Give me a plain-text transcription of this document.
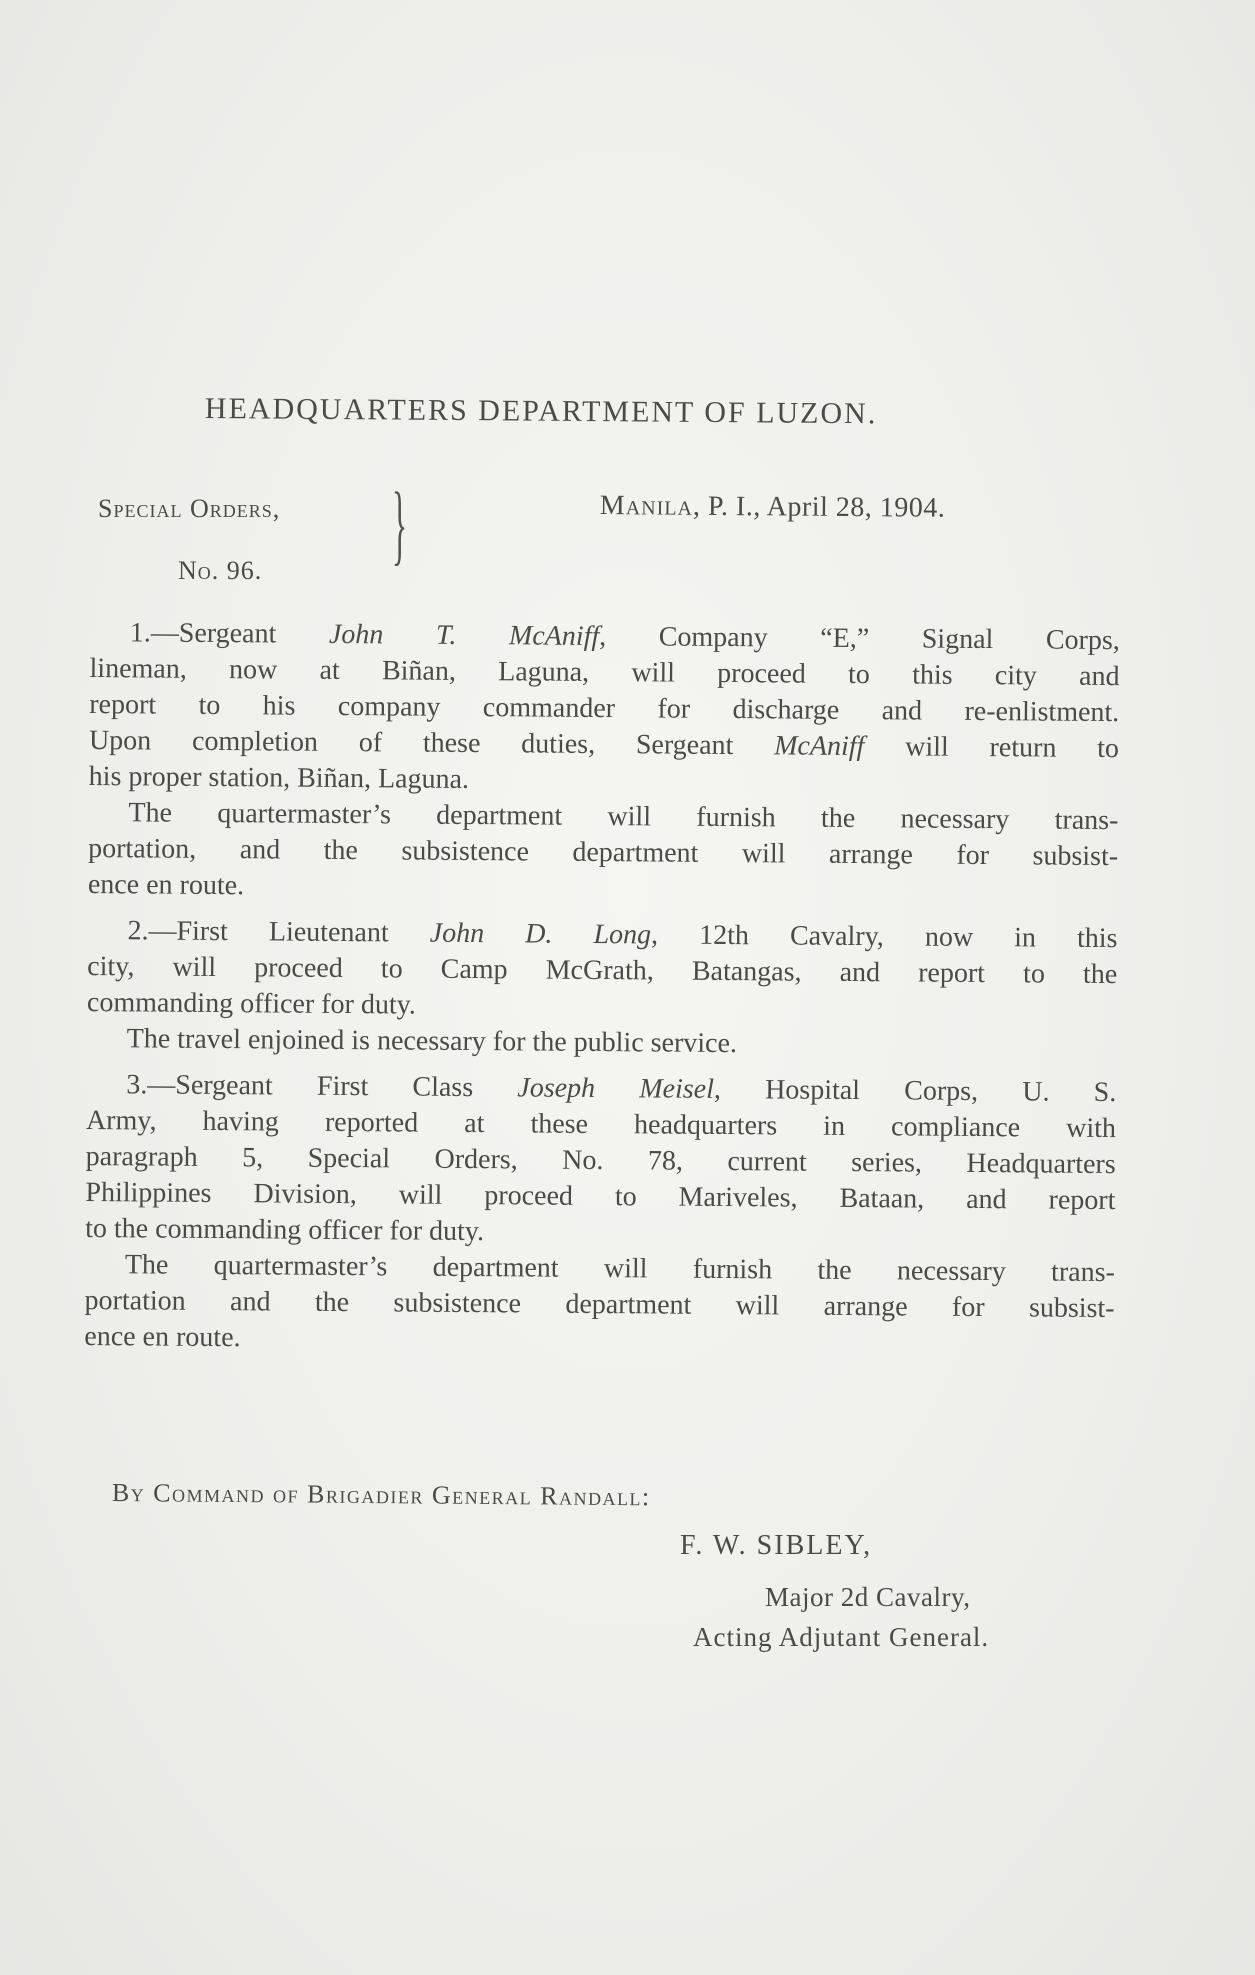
HEADQUARTERS DEPARTMENT OF LUZON.
Special Orders,
No. 96. }	Manila, P. I., April 28, 1904.
1.—Sergeant John T. McAniff, Company “E,” Signal Corps,
lineman, now at Biñan, Laguna, will proceed to this city and
report to his company commander for discharge and re-enlistment.
Upon completion of these duties, Sergeant McAniff will return to
his proper station, Biñan, Laguna.
The quartermaster’s department will furnish the necessary trans-
portation, and the subsistence department will arrange for subsist-
ence en route.
2.—First Lieutenant John D. Long, 12th Cavalry, now in this
city, will proceed to Camp McGrath, Batangas, and report to the
commanding officer for duty.
The travel enjoined is necessary for the public service.
3.—Sergeant First Class Joseph Meisel, Hospital Corps, U. S.
Army, having reported at these headquarters in compliance with
paragraph 5, Special Orders, No. 78, current series, Headquarters
Philippines Division, will proceed to Mariveles, Bataan, and report
to the commanding officer for duty.
The quartermaster’s department will furnish the necessary trans-
portation and the subsistence department will arrange for subsist-
ence en route.
By Command of Brigadier General Randall:
F. W. SIBLEY,
Major 2d Cavalry,
Acting Adjutant General.
